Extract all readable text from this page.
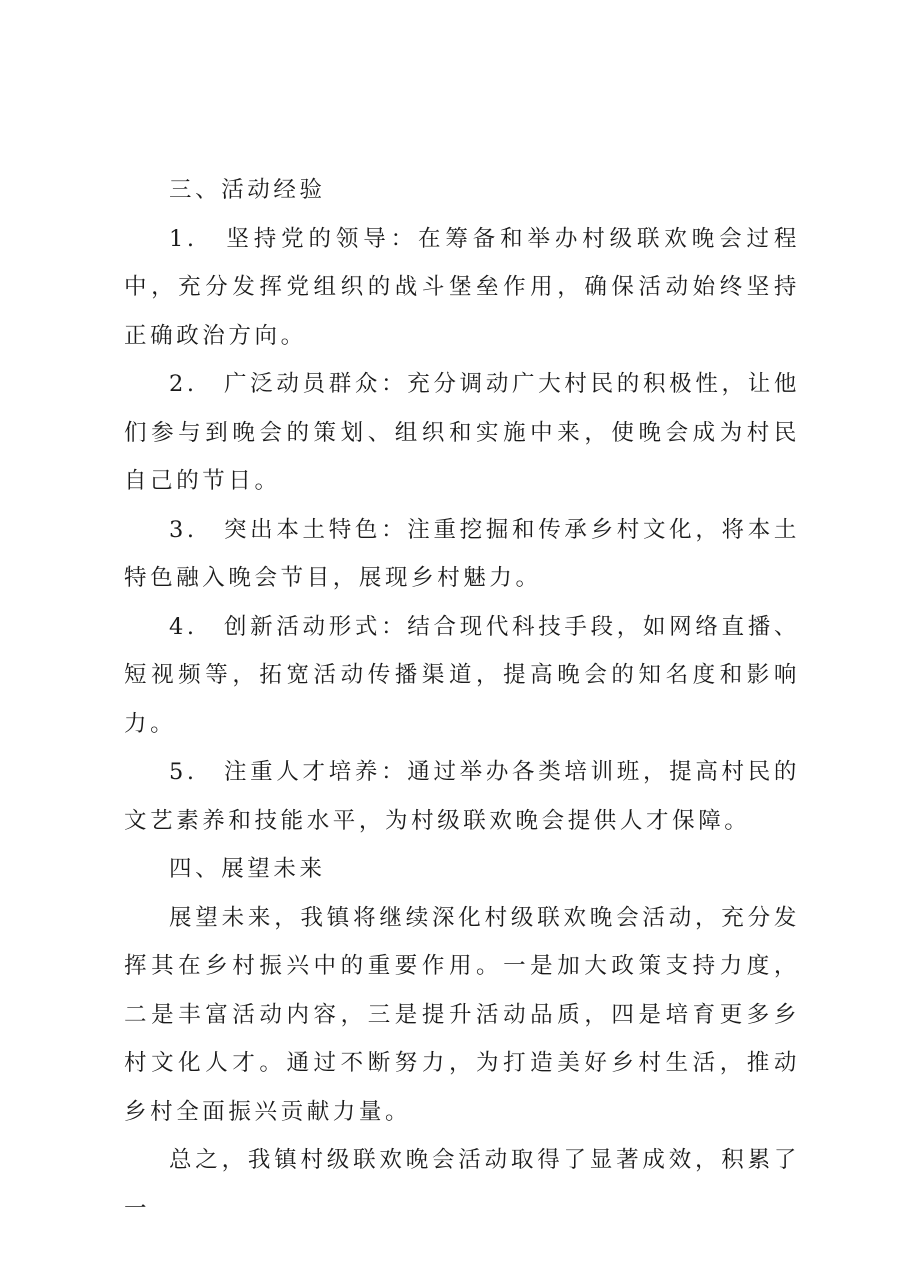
三、活动经验

1.　坚持党的领导：在筹备和举办村级联欢晚会过程中，充分发挥党组织的战斗堡垒作用，确保活动始终坚持正确政治方向。

2.　广泛动员群众：充分调动广大村民的积极性，让他们参与到晚会的策划、组织和实施中来，使晚会成为村民自己的节日。

3.　突出本土特色：注重挖掘和传承乡村文化，将本土特色融入晚会节目，展现乡村魅力。

4.　创新活动形式：结合现代科技手段，如网络直播、短视频等，拓宽活动传播渠道，提高晚会的知名度和影响力。

5.　注重人才培养：通过举办各类培训班，提高村民的文艺素养和技能水平，为村级联欢晚会提供人才保障。

四、展望未来

展望未来，我镇将继续深化村级联欢晚会活动，充分发挥其在乡村振兴中的重要作用。一是加大政策支持力度，二是丰富活动内容，三是提升活动品质，四是培育更多乡村文化人才。通过不断努力，为打造美好乡村生活，推动乡村全面振兴贡献力量。

总之，我镇村级联欢晚会活动取得了显著成效，积累了一
